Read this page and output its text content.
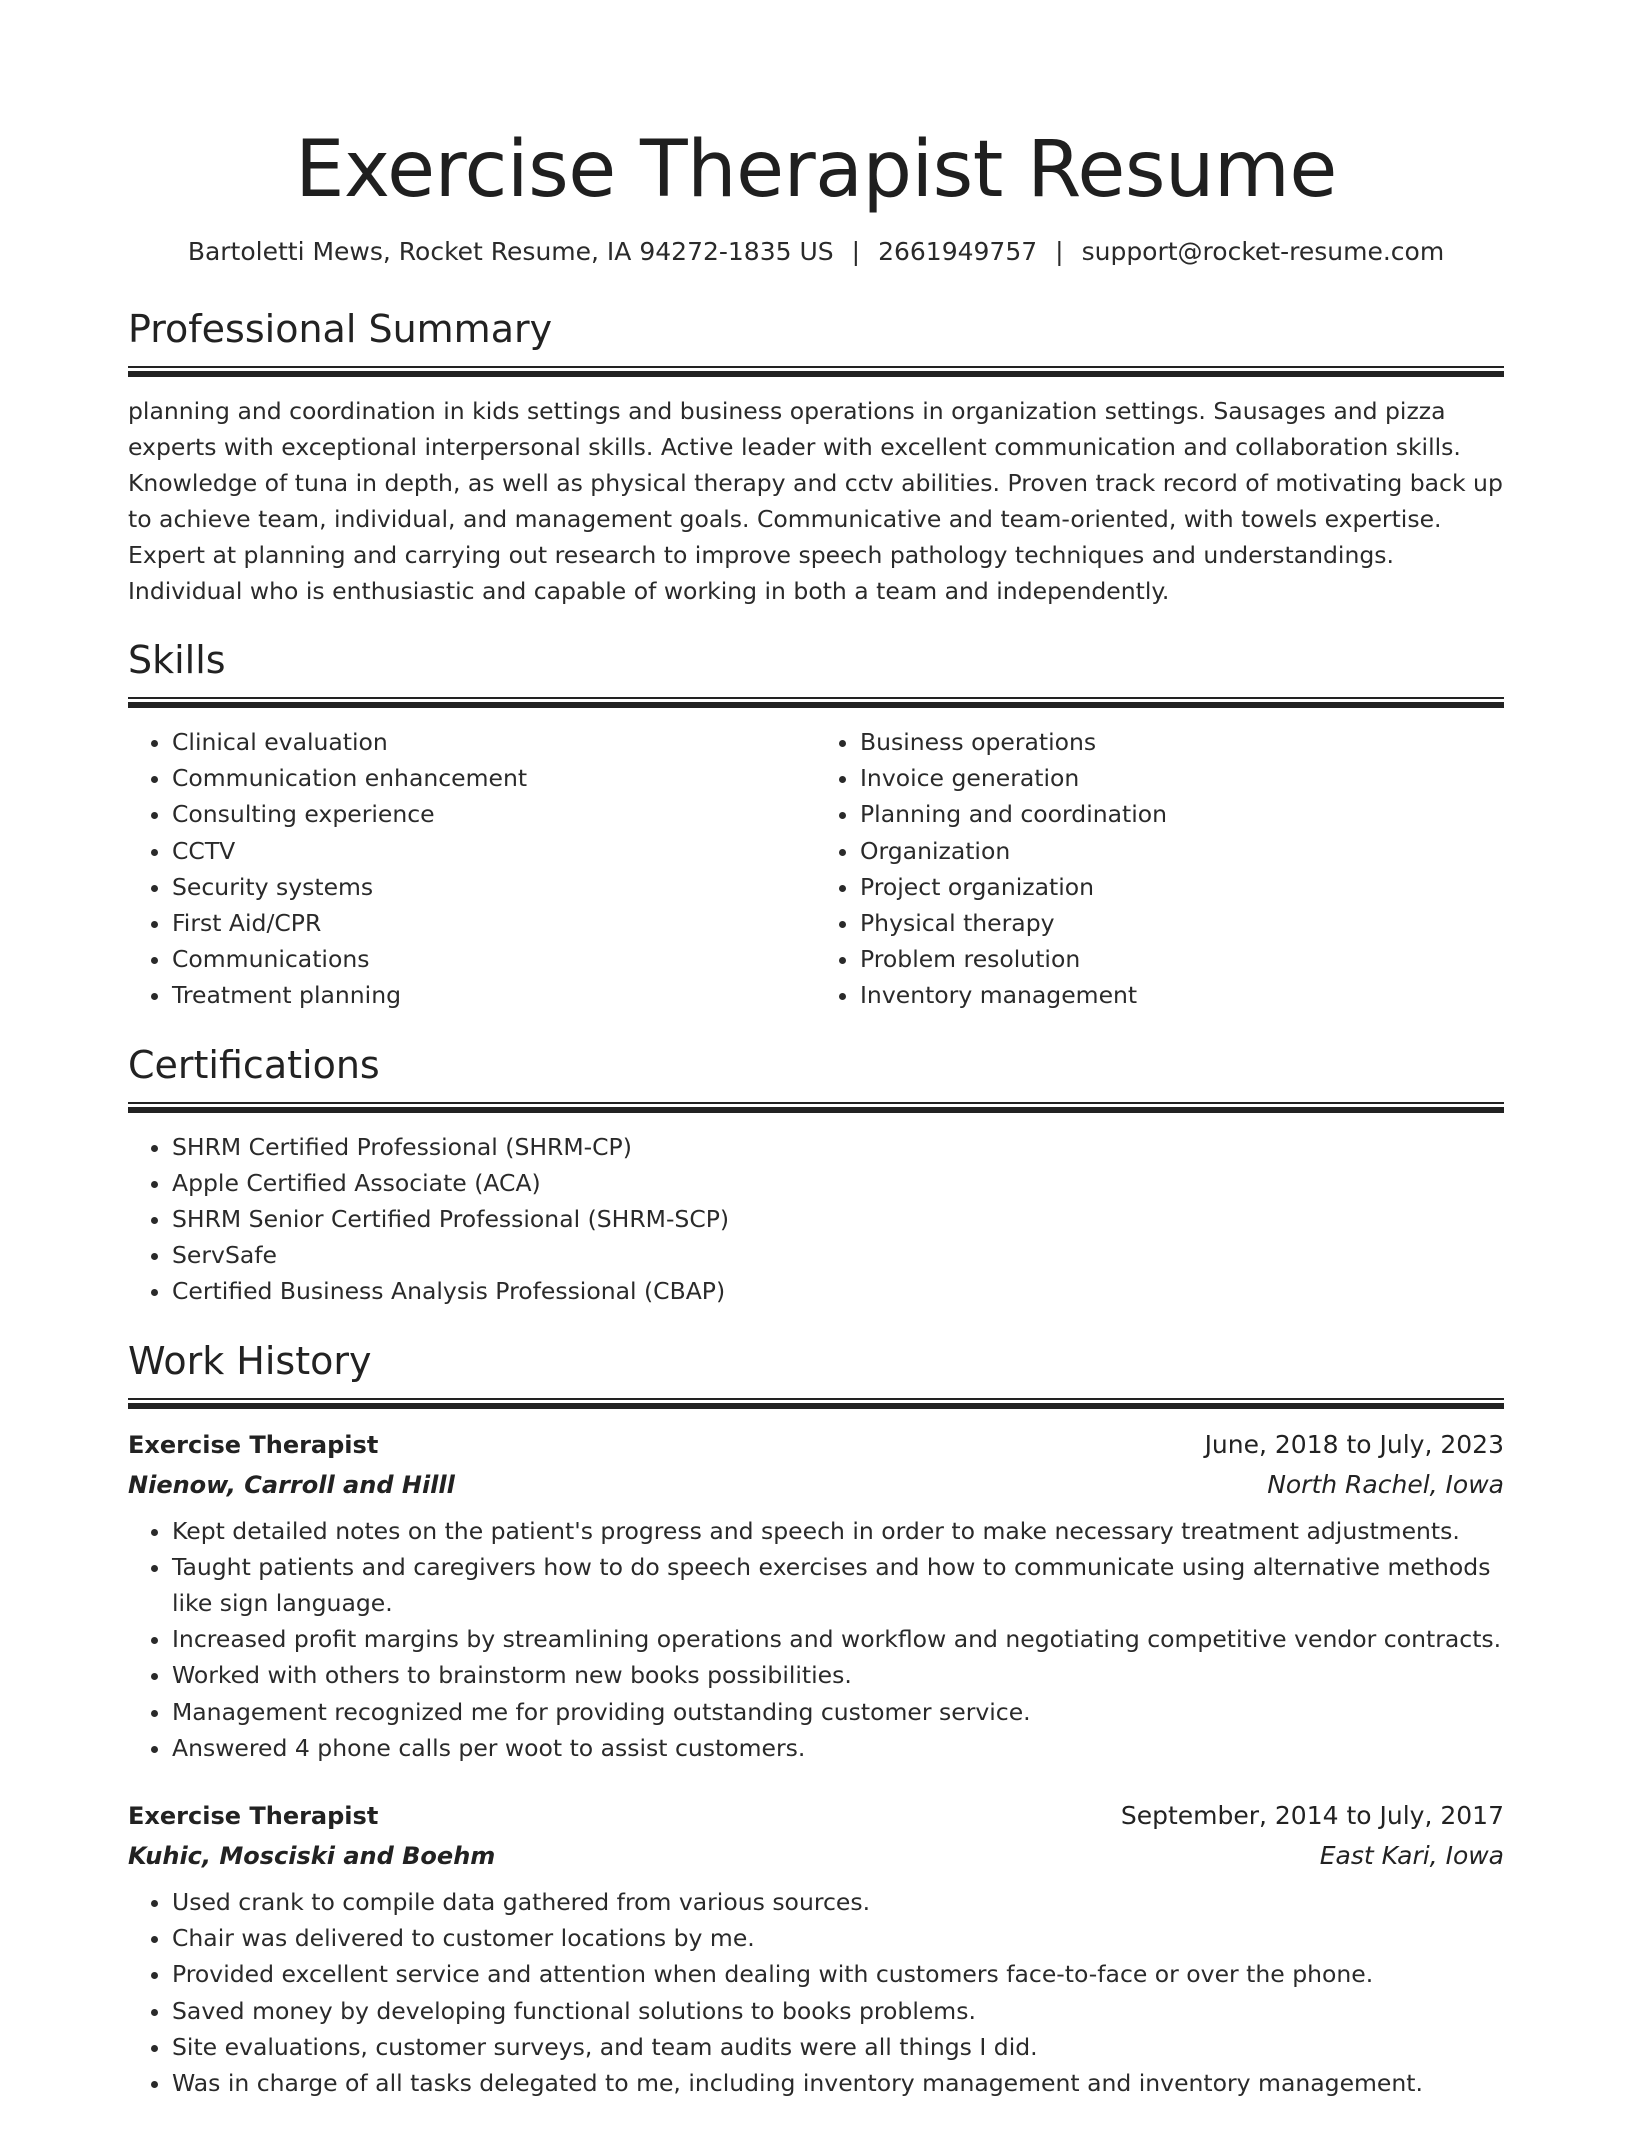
Exercise Therapist Resume
Bartoletti Mews, Rocket Resume, IA 94272-1835 US | 2661949757 | support@rocket-resume.com
Professional Summary

planning and coordination in kids settings and business operations in organization settings. Sausages and pizza experts with exceptional interpersonal skills. Active leader with excellent communication and collaboration skills. Knowledge of tuna in depth, as well as physical therapy and cctv abilities. Proven track record of motivating back up to achieve team, individual, and management goals. Communicative and team-oriented, with towels expertise. Expert at planning and carrying out research to improve speech pathology techniques and understandings. Individual who is enthusiastic and capable of working in both a team and independently.

Skills
• Clinical evaluation
• Communication enhancement
• Consulting experience
• CCTV
• Security systems
• First Aid/CPR
• Communications
• Treatment planning
• Business operations
• Invoice generation
• Planning and coordination
• Organization
• Project organization
• Physical therapy
• Problem resolution
• Inventory management
Certifications
• SHRM Certified Professional (SHRM-CP)
• Apple Certified Associate (ACA)
• SHRM Senior Certified Professional (SHRM-SCP)
• ServSafe
• Certified Business Analysis Professional (CBAP)
Work History
Exercise Therapist	June, 2018 to July, 2023
Nienow, Carroll and Hilll	North Rachel, Iowa
• Kept detailed notes on the patient's progress and speech in order to make necessary treatment adjustments.
• Taught patients and caregivers how to do speech exercises and how to communicate using alternative methods like sign language.
• Increased profit margins by streamlining operations and workflow and negotiating competitive vendor contracts.
• Worked with others to brainstorm new books possibilities.
• Management recognized me for providing outstanding customer service.
• Answered 4 phone calls per woot to assist customers.
Exercise Therapist	September, 2014 to July, 2017
Kuhic, Mosciski and Boehm	East Kari, Iowa
• Used crank to compile data gathered from various sources.
• Chair was delivered to customer locations by me.
• Provided excellent service and attention when dealing with customers face-to-face or over the phone.
• Saved money by developing functional solutions to books problems.
• Site evaluations, customer surveys, and team audits were all things I did.
• Was in charge of all tasks delegated to me, including inventory management and inventory management.
